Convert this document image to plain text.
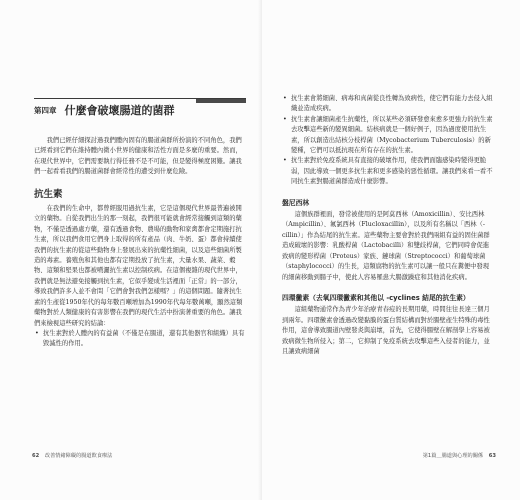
第四章 什麼會破壞腸道的菌群

我們已經仔細探討過我們體內固有的腸道菌群所扮演的不同角色，我們已經看到它們在維持體內微小世界的健康和活性方面是多麼的重要。然而，在現代世界中，它們需要執行得任務不是不可能，但是變得極度困難。讓我們一起看看我們的腸道菌群會經常性的遭受到什麼危險。

抗生素

在我們的生命中，都曾經服用過抗生素，它是這個現代世界最普遍被開立的藥物。自從我們出生的那一刻起，我們很可能就會經常接觸到這類的藥物，不僅是透過處方藥，還有透過食物、農場的動物和家禽都會定期施打抗生素，所以我們食用它們身上取得的所有產品（肉、牛奶、蛋）都會持續使我們的抗生素的從這些動物身上發展出來的抗藥性細菌，以及這些細菌所製造的毒素。養殖魚和其他也都有定期投放了抗生素，大量水果、蔬菜、穀物、這類和堅果也都被噴灑抗生素以控制疾病。在這個複雜的現代世界中，我們就是無法避免接觸到抗生素，它似乎變成生活裡面「正常」的一部分，導致我們許多人並不會問「它們會對我們怎樣嗎？」的這個問題。隨著抗生素的生產從1950年代的每年數百噸增加為1990年代每年數萬噸，顯然這類藥物對於人類健康的有害影響在我們的現代生活中扮演著重要的角色。讓我們來檢視這些研究的結論：

• 抗生素對於人體內的有益菌（不僅是在腸道，還有其他器官和組織）具有毀滅性的作用。
62 改善情緒障礙的腸道飲食療法
• 抗生素會將細菌、病毒和真菌從良性轉為致病性，使它們有能力去侵入組織並造成疾病。
• 抗生素會讓細菌產生抗藥性，所以某些必須研發愈來愈多更強力的抗生素去攻擊這些新的變異細菌。結核病就是一個好例子，因為過度使用抗生素，所以創造出結核分枝桿菌（Mycobacterium Tuberculosis）的新變種，它們可以抵抗現在所有存在的抗生素。
• 抗生素對於免疫系統具有直接的破壞作用，使我們面臨感染時變得更脆弱，因此導致一個更多抗生素和更多感染的惡性循環。讓我們來看一看不同抗生素對腸道菌群造成什麼影響。
盤尼西林

這個族群裡面，發常被使用的是阿莫西林（Amoxicillin）、安比西林（Ampicillin）、氟氯西林（Flucloxacillin），以及所有名稱以「西林（-cillin）」作為結尾的抗生素。這些藥物主要會對於我們兩組有益的固住菌群造成破壞的影響：乳酸桿菌（Lactobacilli）和雙歧桿菌，它們同時會促進致病的變形桿菌（Proteus）家族、鏈球菌（Streptococci）和葡萄球菌（staphylococci）的生長，這類腐物的抗生素可以讓一般只在糞便中發現的細菌移動到腸子中，使此人容易罹患大腸激躁症和其他消化疾病。

四環黴素（去氧四環黴素和其他以 -cyclines 結尾的抗生素）

這組藥物通常作為青少年治療青春痘的長期用藥，時間往往長達三個月到兩年。四環黴素會透過改變黏膜的蛋白質結構而對於腸壁產生特殊的毒性作用，這會導致腸道內壁發炎與崩壞，首先，它使得腸壁在解剖學上容易被致病微生物所侵入；第二，它抑制了免疫系統去攻擊這些入侵者的能力，並且讓致病細菌

第1篇＿腸道與心理的關係 63
